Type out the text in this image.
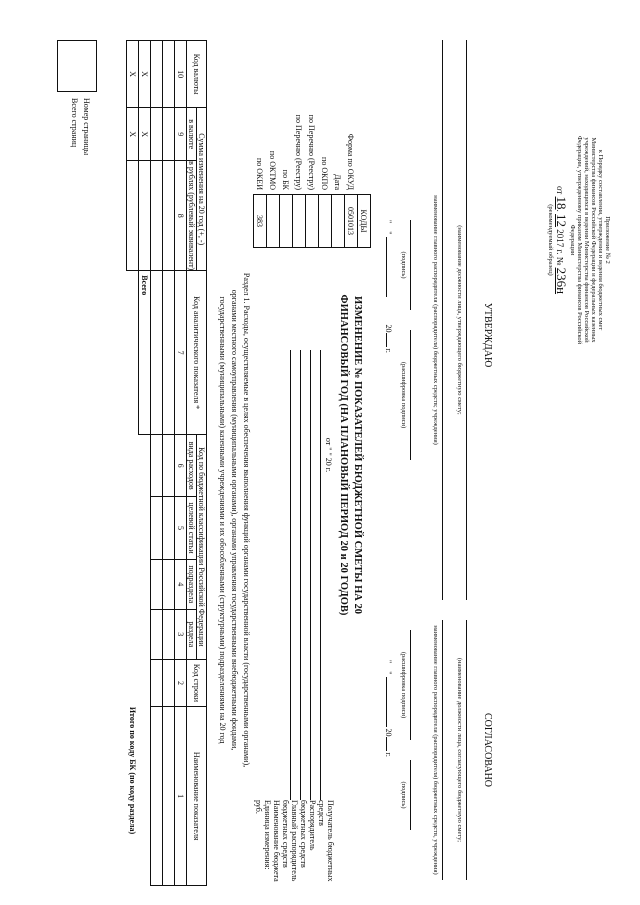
Приложение № 2
к Порядку составления, утверждения и ведения бюджетных смет
Министерства финансов Российской Федерации и федеральных казенных
учреждений, находящихся в ведении Министерства финансов Российской
Федерации, утвержденному приказом Министерства финансов Российской
Федерации
от 18. 12 2017 г. № 236н
(рекомендуемый образец)
УТВЕРЖДАЮ
(наименование должности лица, утверждающего бюджетную смету;
наименование главного распорядителя (распорядителя) бюджетных средств; учреждения)
(подпись)
(расшифровка подписи)
"    "               20 г.
	КОДЫ
Форма по ОКУД	0501013
Дата	
по ОКПО	
по Перечню (Реестру)	
по Перечню (Реестру)	
по БК	
по ОКТМО	
по ОКЕИ	383
ИЗМЕНЕНИЕ № ПОКАЗАТЕЛЕЙ БЮДЖЕТНОЙ СМЕТЫ НА 20
ФИНАНСОВЫЙ ГОД (НА ПЛАНОВЫЙ ПЕРИОД 20 и 20 ГОДОВ)
от " " 20 г.
Получатель бюджетных средств
Распорядитель бюджетных средств
Главный распорядитель бюджетных средств
Наименование бюджета
Единица измерения: руб.
СОГЛАСОВАНО
(наименование должности лица, согласующего бюджетную смету;
наименование главного распорядителя (распорядителя) бюджетных средств, учреждения)
(подпись)
(расшифровка подписи)
"    "  20 г.
Раздел 1. Расходы, осуществляемые в целях обеспечения выполнения функций органами государственной власти (государственными органами),
органами местного самоуправления (муниципальными органами), органами управления государственными внебюджетными фондами,
государственными (муниципальными) казенными учреждениями и их обособленными (структурными) подразделениями на 20 год
Код валюты	Сумма изменения на 20 год (+, -)		Код аналитического показателя *	Код по бюджетной классификации Российской Федерации				Код строки	Наименование показателя
	в валюте	в рублях (рублевый эквивалент)		вида расходов	целевой статьи	подраздела	раздела		
10	9	8	7	6	5	4	3	2	1

X	X		Всего						
X	X								Итого по коду БК (по коду раздела)
Номер страницы
Всего страниц
